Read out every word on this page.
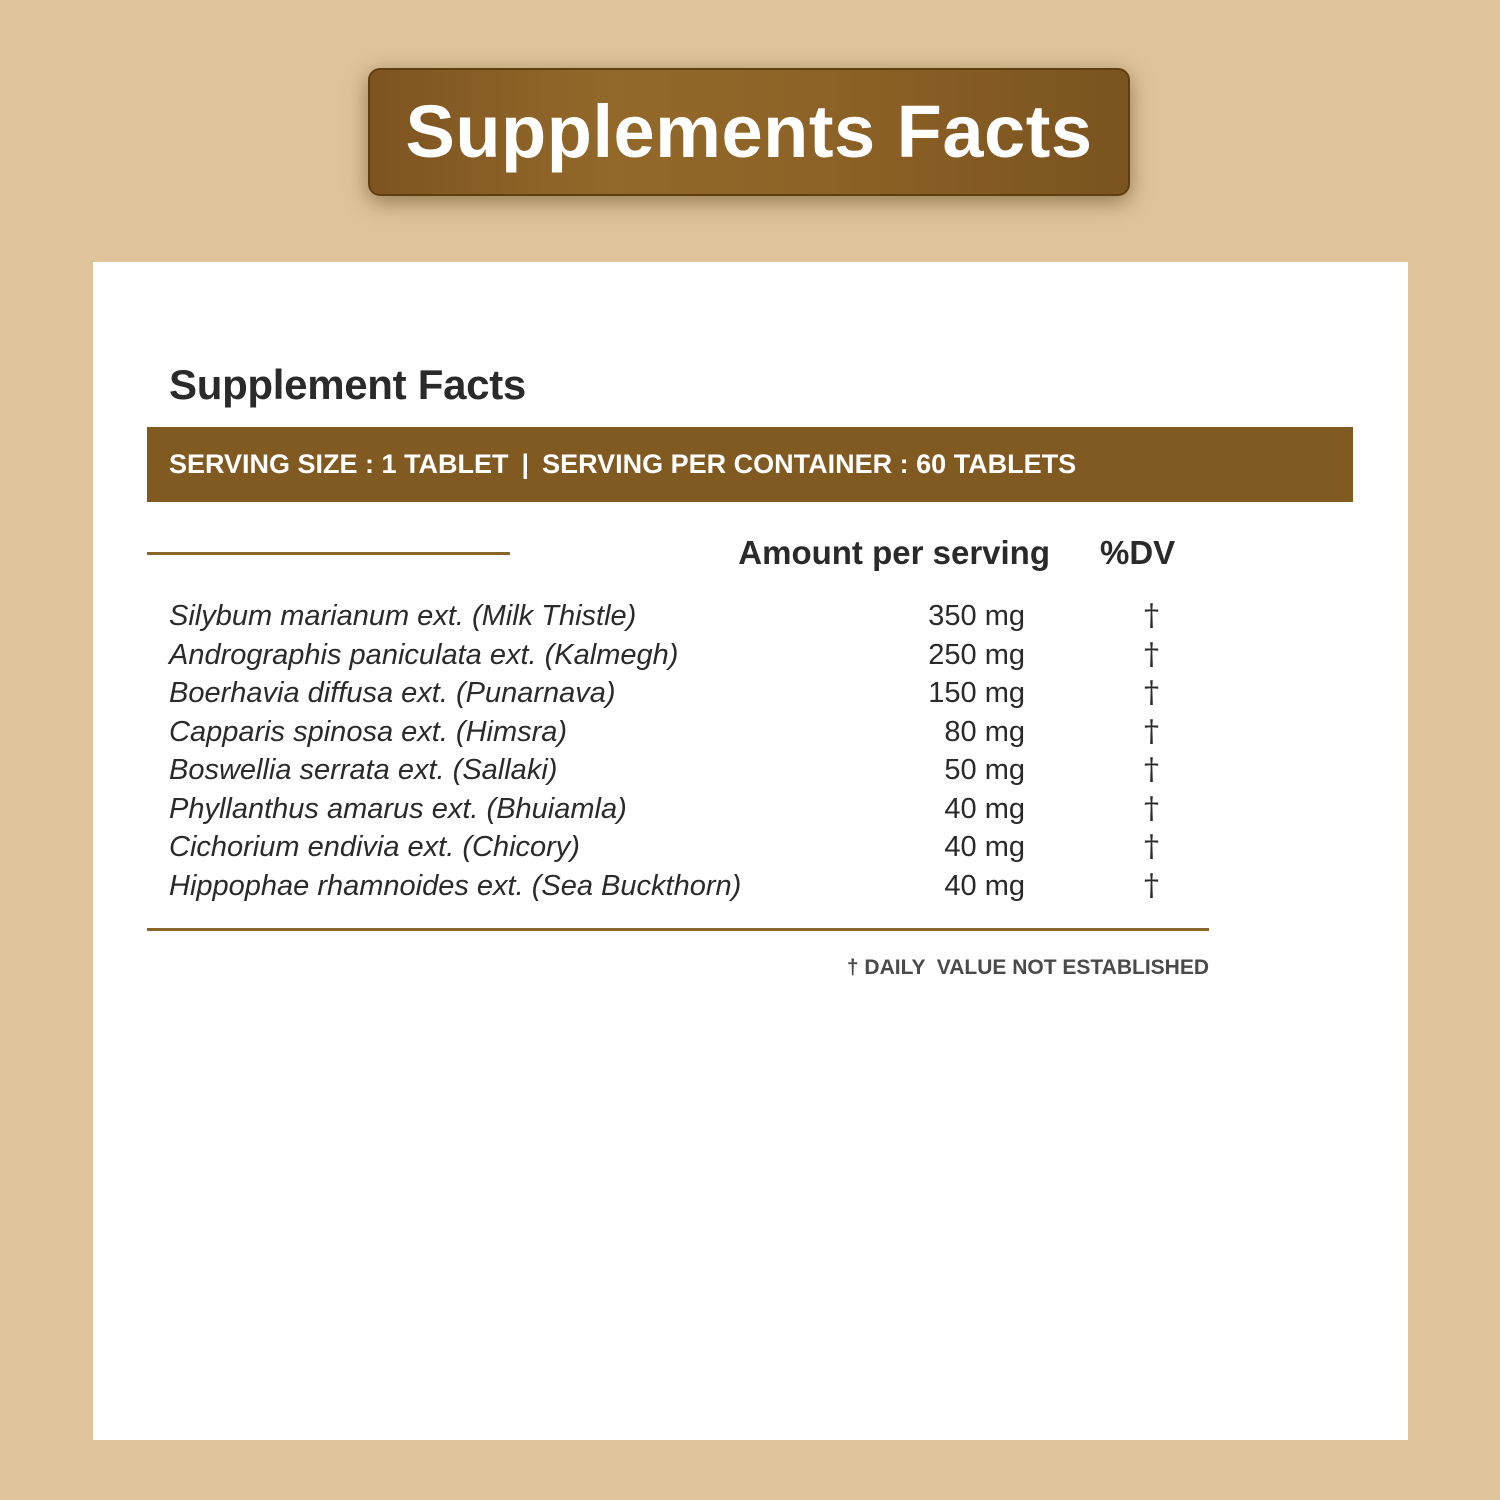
Supplements Facts
Supplement Facts
SERVING SIZE : 1 TABLET | SERVING PER CONTAINER : 60 TABLETS
Amount per serving %DV
Silybum marianum ext. (Milk Thistle)	350 mg	†
Andrographis paniculata ext. (Kalmegh)	250 mg	†
Boerhavia diffusa ext. (Punarnava)	150 mg	†
Capparis spinosa ext. (Himsra)	80 mg	†
Boswellia serrata ext. (Sallaki)	50 mg	†
Phyllanthus amarus ext. (Bhuiamla)	40 mg	†
Cichorium endivia ext. (Chicory)	40 mg	†
Hippophae rhamnoides ext. (Sea Buckthorn)	40 mg	†
† DAILY  VALUE NOT ESTABLISHED
